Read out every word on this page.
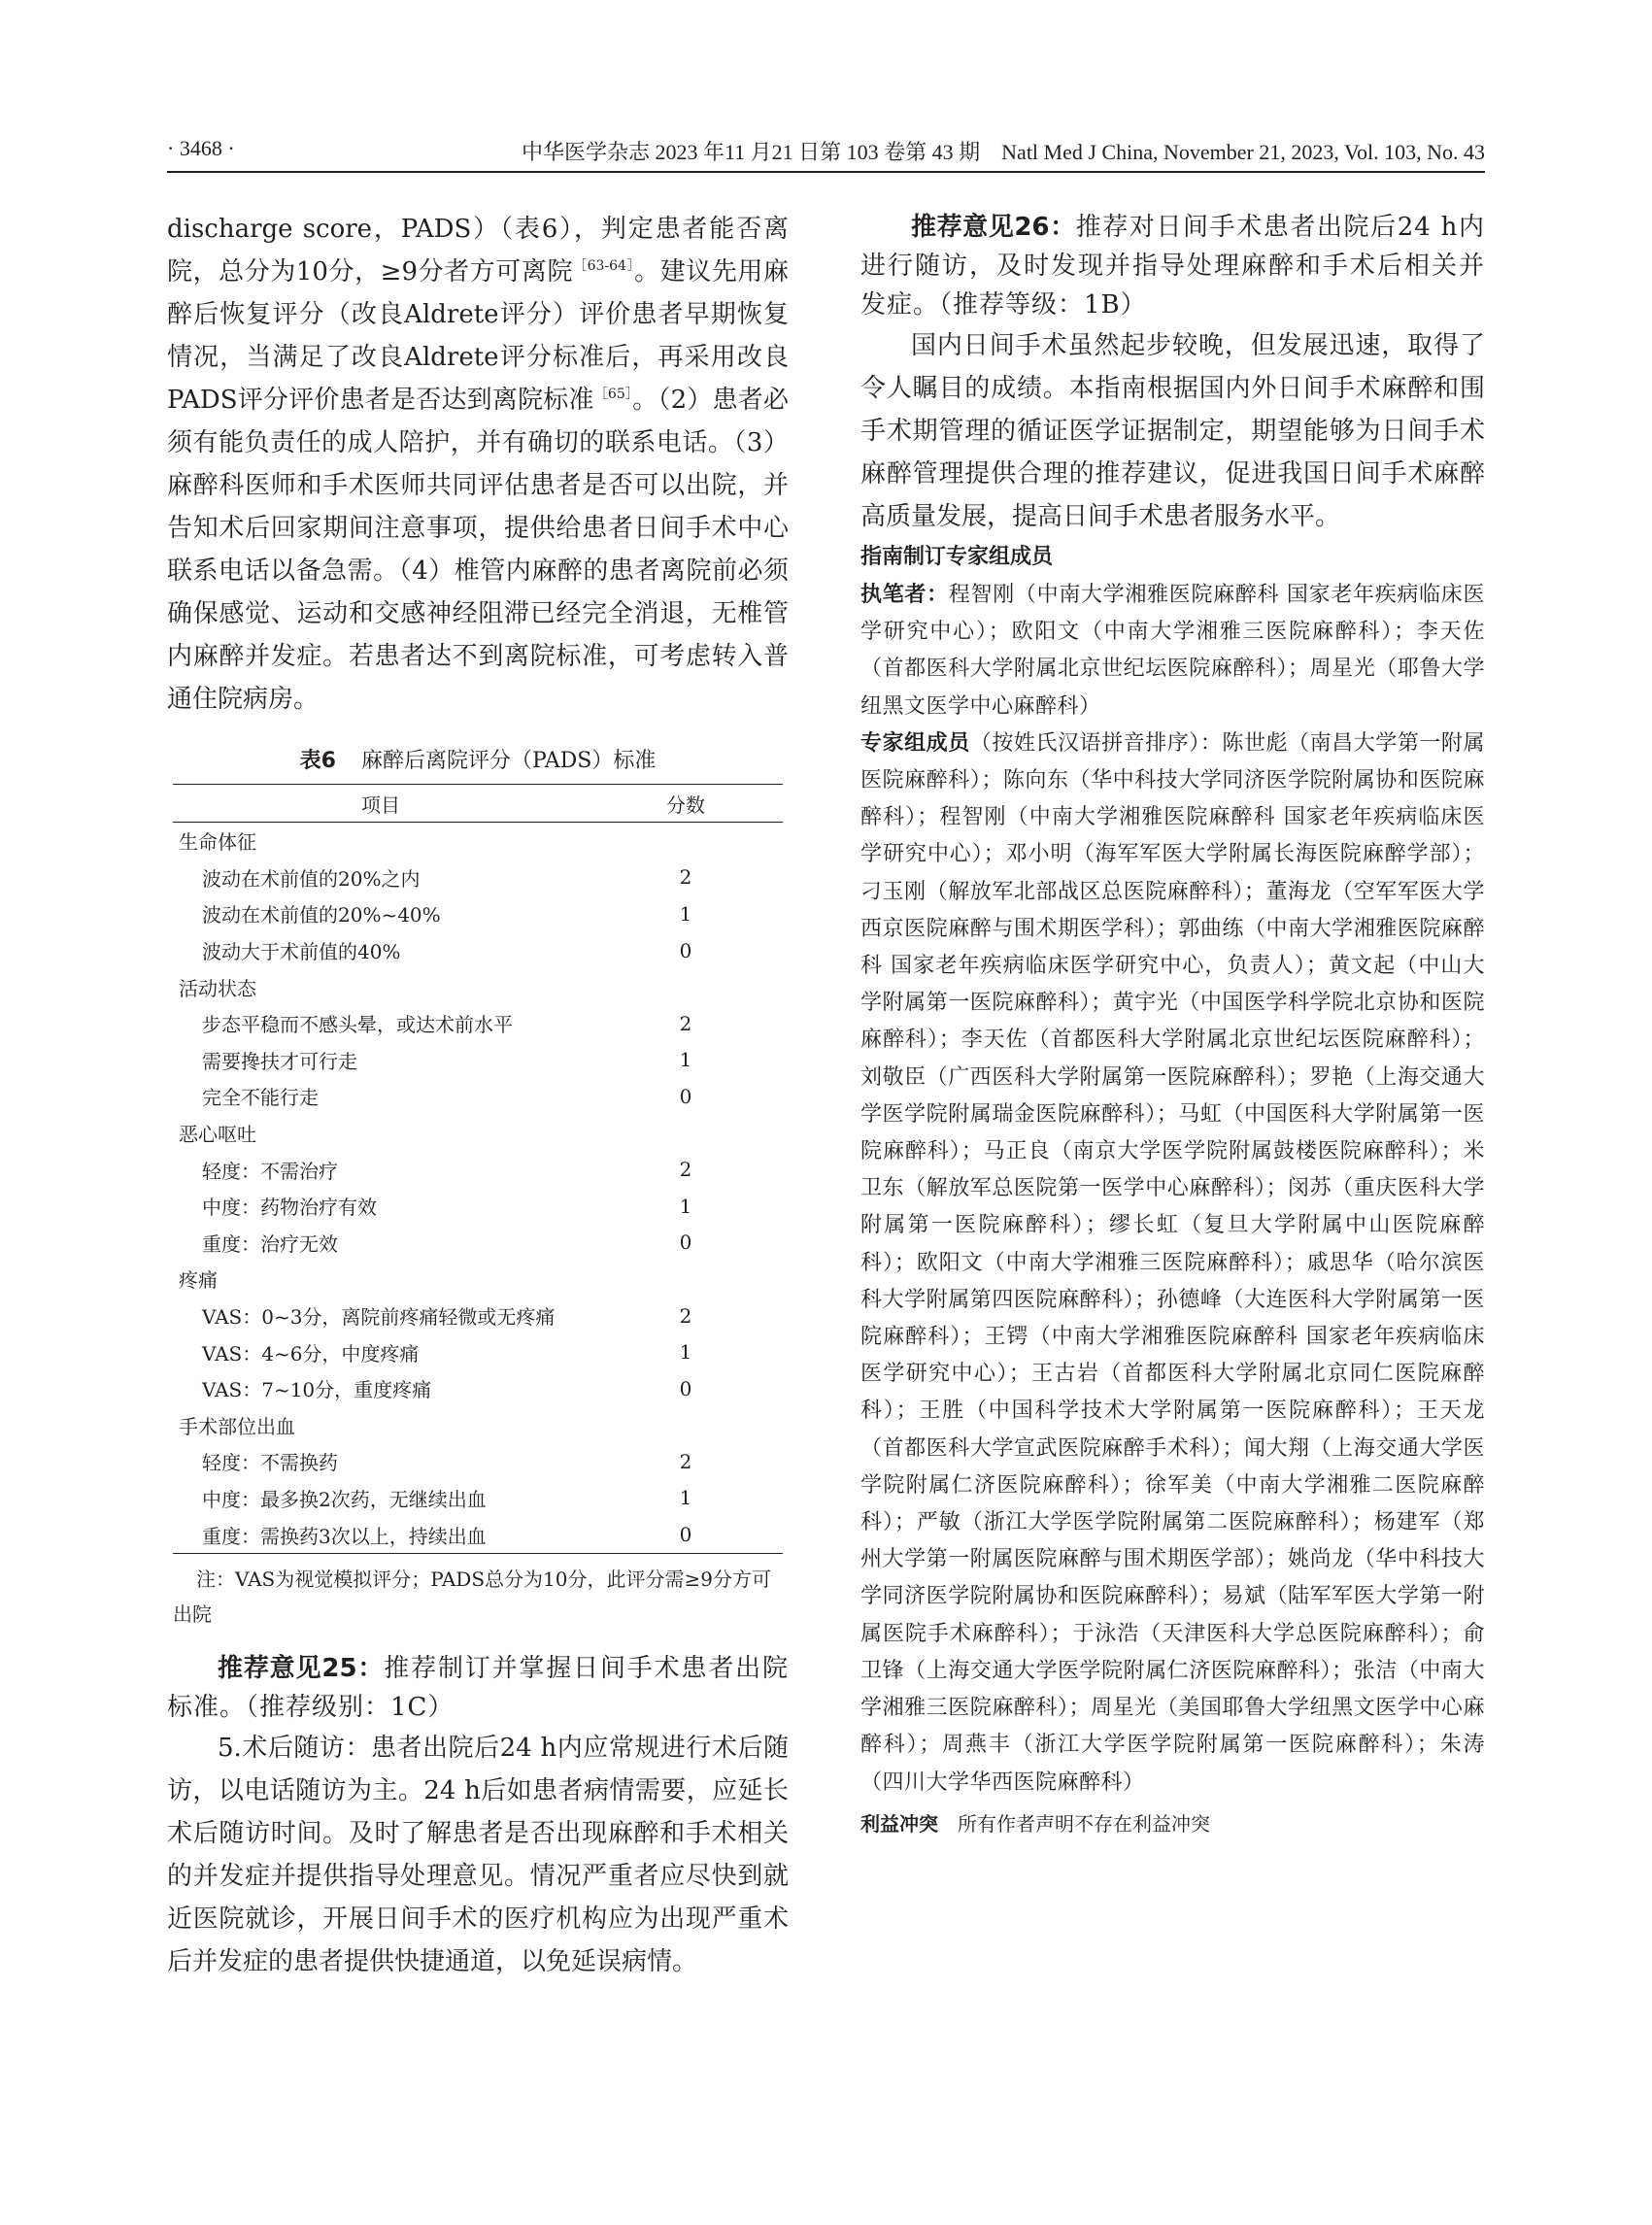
· 3468 ·	中华医学杂志 2023 年11 月21 日第 103 卷第 43 期　Natl Med J China, November 21, 2023, Vol. 103, No. 43

discharge score，PADS）（表6），判定患者能否离院，总分为10分，≥9分者方可离院$^{[63-64]}$。建议先用麻醉后恢复评分（改良Aldrete评分）评价患者早期恢复情况，当满足了改良Aldrete评分标准后，再采用改良PADS评分评价患者是否达到离院标准$^{[65]}$。（2）患者必须有能负责任的成人陪护，并有确切的联系电话。（3）麻醉科医师和手术医师共同评估患者是否可以出院，并告知术后回家期间注意事项，提供给患者日间手术中心联系电话以备急需。（4）椎管内麻醉的患者离院前必须确保感觉、运动和交感神经阻滞已经完全消退，无椎管内麻醉并发症。若患者达不到离院标准，可考虑转入普通住院病房。

表6 麻醉后离院评分（PADS）标准
项目	分数
生命体征	
波动在术前值的20%之内	2
波动在术前值的20%~40%	1
波动大于术前值的40%	0
活动状态	
步态平稳而不感头晕，或达术前水平	2
需要搀扶才可行走	1
完全不能行走	0
恶心呕吐	
轻度：不需治疗	2
中度：药物治疗有效	1
重度：治疗无效	0
疼痛	
VAS：0~3分，离院前疼痛轻微或无疼痛	2
VAS：4~6分，中度疼痛	1
VAS：7~10分，重度疼痛	0
手术部位出血	
轻度：不需换药	2
中度：最多换2次药，无继续出血	1
重度：需换药3次以上，持续出血	0
注：VAS为视觉模拟评分；PADS总分为10分，此评分需≥9分方可出院

推荐意见25：推荐制订并掌握日间手术患者出院标准。（推荐级别：1C）

5.术后随访：患者出院后24 h内应常规进行术后随访，以电话随访为主。24 h后如患者病情需要，应延长术后随访时间。及时了解患者是否出现麻醉和手术相关的并发症并提供指导处理意见。情况严重者应尽快到就近医院就诊，开展日间手术的医疗机构应为出现严重术后并发症的患者提供快捷通道，以免延误病情。

推荐意见26：推荐对日间手术患者出院后24 h内进行随访，及时发现并指导处理麻醉和手术后相关并发症。（推荐等级：1B）

国内日间手术虽然起步较晚，但发展迅速，取得了令人瞩目的成绩。本指南根据国内外日间手术麻醉和围手术期管理的循证医学证据制定，期望能够为日间手术麻醉管理提供合理的推荐建议，促进我国日间手术麻醉高质量发展，提高日间手术患者服务水平。

指南制订专家组成员

执笔者：程智刚（中南大学湘雅医院麻醉科 国家老年疾病临床医学研究中心）；欧阳文（中南大学湘雅三医院麻醉科）；李天佐（首都医科大学附属北京世纪坛医院麻醉科）；周星光（耶鲁大学纽黑文医学中心麻醉科）

专家组成员（按姓氏汉语拼音排序）：陈世彪（南昌大学第一附属医院麻醉科）；陈向东（华中科技大学同济医学院附属协和医院麻醉科）；程智刚（中南大学湘雅医院麻醉科 国家老年疾病临床医学研究中心）；邓小明（海军军医大学附属长海医院麻醉学部）；刁玉刚（解放军北部战区总医院麻醉科）；董海龙（空军军医大学西京医院麻醉与围术期医学科）；郭曲练（中南大学湘雅医院麻醉科 国家老年疾病临床医学研究中心，负责人）；黄文起（中山大学附属第一医院麻醉科）；黄宇光（中国医学科学院北京协和医院麻醉科）；李天佐（首都医科大学附属北京世纪坛医院麻醉科）；刘敬臣（广西医科大学附属第一医院麻醉科）；罗艳（上海交通大学医学院附属瑞金医院麻醉科）；马虹（中国医科大学附属第一医院麻醉科）；马正良（南京大学医学院附属鼓楼医院麻醉科）；米卫东（解放军总医院第一医学中心麻醉科）；闵苏（重庆医科大学附属第一医院麻醉科）；缪长虹（复旦大学附属中山医院麻醉科）；欧阳文（中南大学湘雅三医院麻醉科）；戚思华（哈尔滨医科大学附属第四医院麻醉科）；孙德峰（大连医科大学附属第一医院麻醉科）；王锷（中南大学湘雅医院麻醉科 国家老年疾病临床医学研究中心）；王古岩（首都医科大学附属北京同仁医院麻醉科）；王胜（中国科学技术大学附属第一医院麻醉科）；王天龙（首都医科大学宣武医院麻醉手术科）；闻大翔（上海交通大学医学院附属仁济医院麻醉科）；徐军美（中南大学湘雅二医院麻醉科）；严敏（浙江大学医学院附属第二医院麻醉科）；杨建军（郑州大学第一附属医院麻醉与围术期医学部）；姚尚龙（华中科技大学同济医学院附属协和医院麻醉科）；易斌（陆军军医大学第一附属医院手术麻醉科）；于泳浩（天津医科大学总医院麻醉科）；俞卫锋（上海交通大学医学院附属仁济医院麻醉科）；张洁（中南大学湘雅三医院麻醉科）；周星光（美国耶鲁大学纽黑文医学中心麻醉科）；周燕丰（浙江大学医学院附属第一医院麻醉科）；朱涛（四川大学华西医院麻醉科）

利益冲突 所有作者声明不存在利益冲突
